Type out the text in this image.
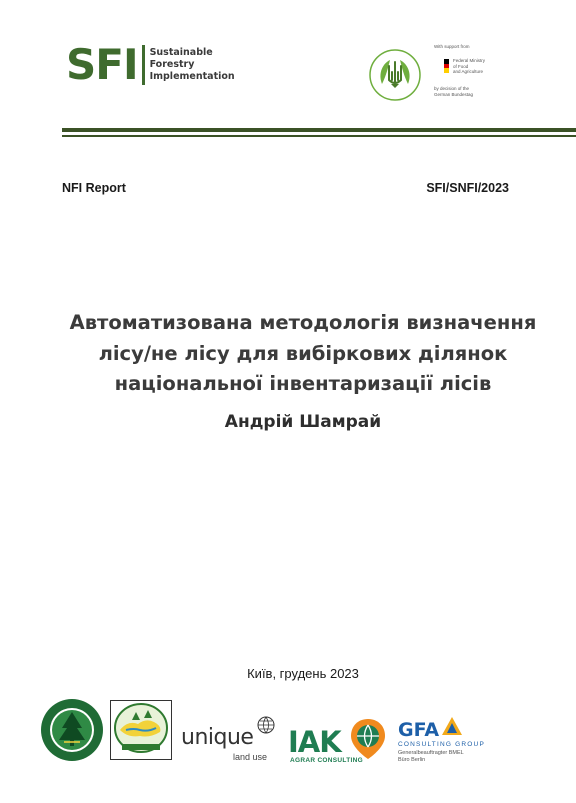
SFI Sustainable
Forestry
Implementation
With support from
Federal Ministry
of Food
and Agriculture
by decision of the
German Bundestag
NFI Report	SFI/SNFI/2023
Автоматизована методологія визначення
лісу/не лісу для вибіркових ділянок
національної інвентаризації лісів
Андрій Шамрай
Київ, грудень 2023
unique
land use IAK
AGRAR CONSULTING
GFA
CONSULTING GROUP
Generalbeauftragter BMEL
Büro Berlin
